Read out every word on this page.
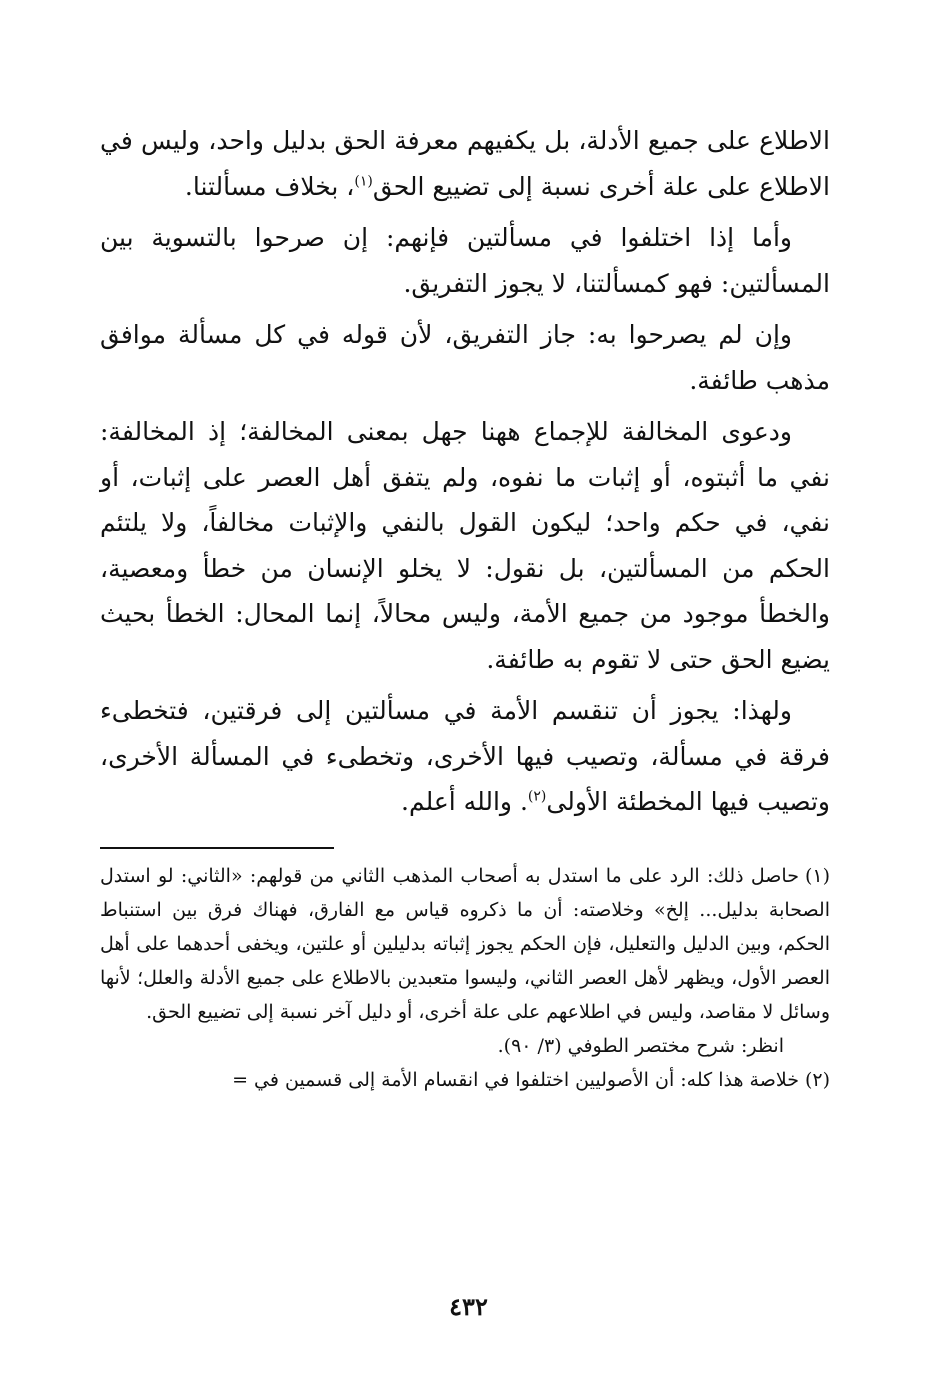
الاطلاع على جميع الأدلة، بل يكفيهم معرفة الحق بدليل واحد، وليس في الاطلاع على علة أخرى نسبة إلى تضييع الحق$^{(١)}$، بخلاف مسألتنا.

وأما إذا اختلفوا في مسألتين فإنهم: إن صرحوا بالتسوية بين المسألتين: فهو كمسألتنا، لا يجوز التفريق.

وإن لم يصرحوا به: جاز التفريق، لأن قوله في كل مسألة موافق مذهب طائفة.

ودعوى المخالفة للإجماع ههنا جهل بمعنى المخالفة؛ إذ المخالفة: نفي ما أثبتوه، أو إثبات ما نفوه، ولم يتفق أهل العصر على إثبات، أو نفي، في حكم واحد؛ ليكون القول بالنفي والإثبات مخالفاً، ولا يلتئم الحكم من المسألتين، بل نقول: لا يخلو الإنسان من خطأ ومعصية، والخطأ موجود من جميع الأمة، وليس محالاً، إنما المحال: الخطأ بحيث يضيع الحق حتى لا تقوم به طائفة.

ولهذا: يجوز أن تنقسم الأمة في مسألتين إلى فرقتين، فتخطىء فرقة في مسألة، وتصيب فيها الأخرى، وتخطىء في المسألة الأخرى، وتصيب فيها المخطئة الأولى$^{(٢)}$. والله أعلم.

(١)حاصل ذلك: الرد على ما استدل به أصحاب المذهب الثاني من قولهم: «الثاني: لو استدل الصحابة بدليل... إلخ» وخلاصته: أن ما ذكروه قياس مع الفارق، فهناك فرق بين استنباط الحكم، وبين الدليل والتعليل، فإن الحكم يجوز إثباته بدليلين أو علتين، ويخفى أحدهما على أهل العصر الأول، ويظهر لأهل العصر الثاني، وليسوا متعبدين بالاطلاع على جميع الأدلة والعلل؛ لأنها وسائل لا مقاصد، وليس في اطلاعهم على علة أخرى، أو دليل آخر نسبة إلى تضييع الحق.

انظر: شرح مختصر الطوفي (٣/ ٩٠).

(٢)خلاصة هذا كله: أن الأصوليين اختلفوا في انقسام الأمة إلى قسمين في =

٤٣٢
